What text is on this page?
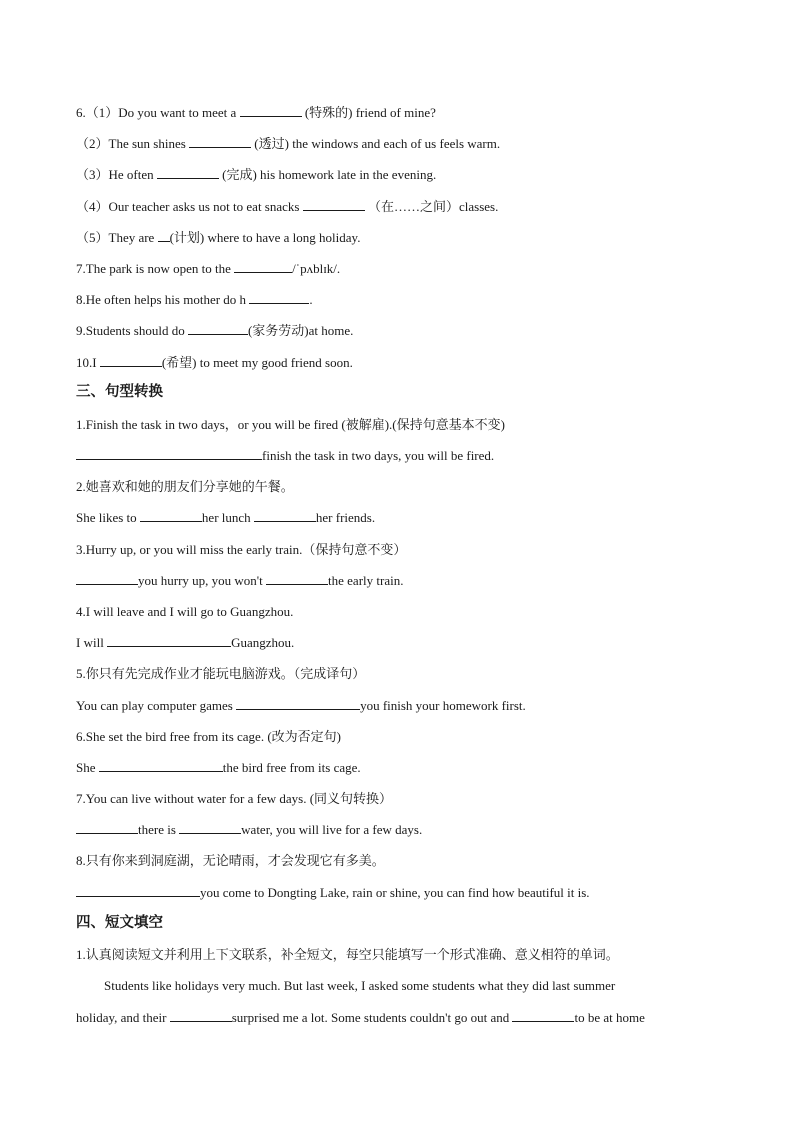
6.（1）Do you want to meet a	(特殊的) friend of mine?
（2）The sun shines	(透过) the windows and each of us feels warm.
（3）He often	(完成) his homework late in the evening.
（4）Our teacher asks us not to eat snacks	（在……之间）classes.
（5）They are (计划) where to have a long holiday.
7.The park is now open to the	/ˈpʌblɪk/.
8.He often helps his mother do h	.
9.Students should do	(家务劳动)at home.
10.I	(希望) to meet my good friend soon.
三、句型转换
1.Finish the task in two days，or you will be fired (被解雇).(保持句意基本不变)
finish the task in two days, you will be fired.
2.她喜欢和她的朋友们分享她的午餐。
She likes to	her lunch	her friends.
3.Hurry up, or you will miss the early train.（保持句意不变）
you hurry up, you won't	the early train.
4.I will leave and I will go to Guangzhou.
I will	Guangzhou.
5.你只有先完成作业才能玩电脑游戏。（完成译句）
You can play computer games	you finish your homework first.
6.She set the bird free from its cage. (改为否定句)
She	the bird free from its cage.
7.You can live without water for a few days. (同义句转换）
there is	water, you will live for a few days.
8.只有你来到洞庭湖，无论晴雨，才会发现它有多美。
you come to Dongting Lake, rain or shine, you can find how beautiful it is.
四、短文填空
1.认真阅读短文并利用上下文联系，补全短文，每空只能填写一个形式准确、意义相符的单词。
Students like holidays very much. But last week, I asked some students what they did last summer
holiday, and their	surprised me a lot. Some students couldn't go out and	to be at home
